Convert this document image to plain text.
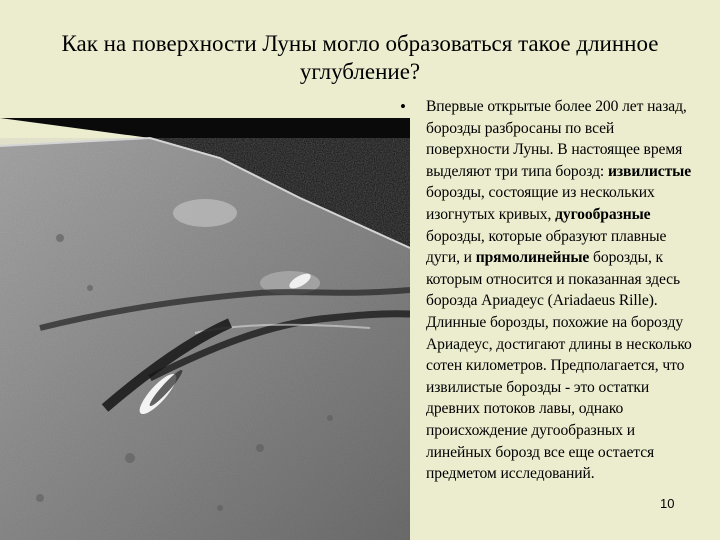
Как на поверхности Луны могло образоваться такое длинное
углубление?
• Впервые открытые более 200 лет назад, борозды разбросаны по всей поверхности Луны. В настоящее время выделяют три типа борозд: извилистые борозды, состоящие из нескольких изогнутых кривых, дугообразные борозды, которые образуют плавные дуги, и прямолинейные борозды, к которым относится и показанная здесь борозда Ариадеус (Ariadaeus Rille). Длинные борозды, похожие на борозду Ариадеус, достигают длины в несколько сотен километров. Предполагается, что извилистые борозды - это остатки древних потоков лавы, однако происхождение дугообразных и линейных борозд все еще остается предметом исследований.
10
